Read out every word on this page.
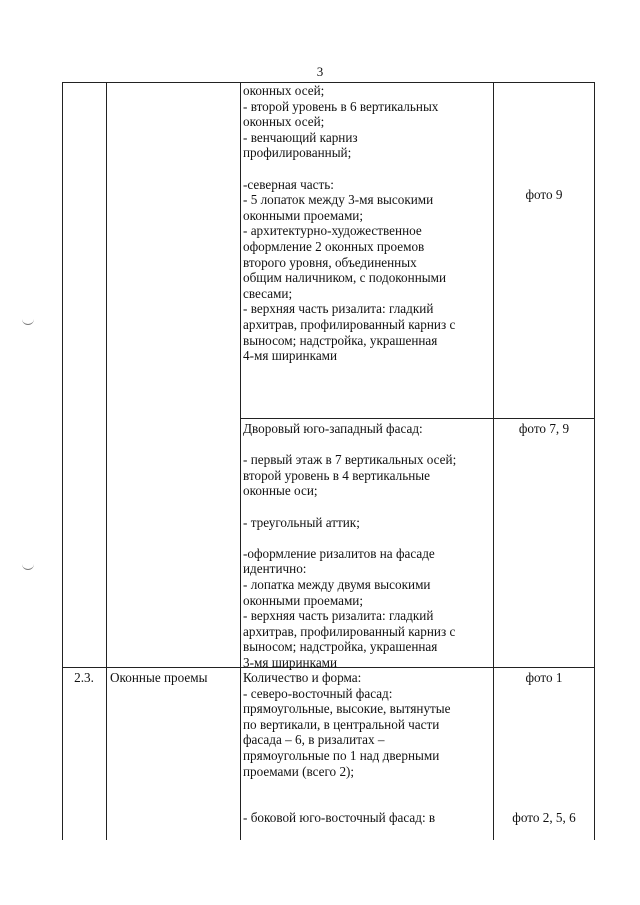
3

оконных осей;

- второй уровень в 6 вертикальных

оконных осей;

- венчающий карниз

профилированный;

-северная часть:

- 5 лопаток между 3-мя высокими

оконными проемами;

- архитектурно-художественное

оформление 2 оконных проемов

второго уровня, объединенных

общим наличником, с подоконными

свесами;

- верхняя часть ризалита: гладкий

архитрав, профилированный карниз с

выносом; надстройка, украшенная

4-мя ширинками

фото 9

Дворовый юго-западный фасад:

- первый этаж в 7 вертикальных осей;

второй уровень в 4 вертикальные

оконные оси;

- треугольный аттик;

-оформление ризалитов на фасаде

идентично:

- лопатка между двумя высокими

оконными проемами;

- верхняя часть ризалита: гладкий

архитрав, профилированный карниз с

выносом; надстройка, украшенная

3-мя ширинками

фото 7, 9
2.3.	Оконные проемы	Количество и форма:

- северо-восточный фасад:

прямоугольные, высокие, вытянутые

по вертикали, в центральной части

фасада – 6, в ризалитах –

прямоугольные по 1 над дверными

проемами (всего 2);

- боковой юго-восточный фасад: в

фото 1
фото 2, 5, 6
